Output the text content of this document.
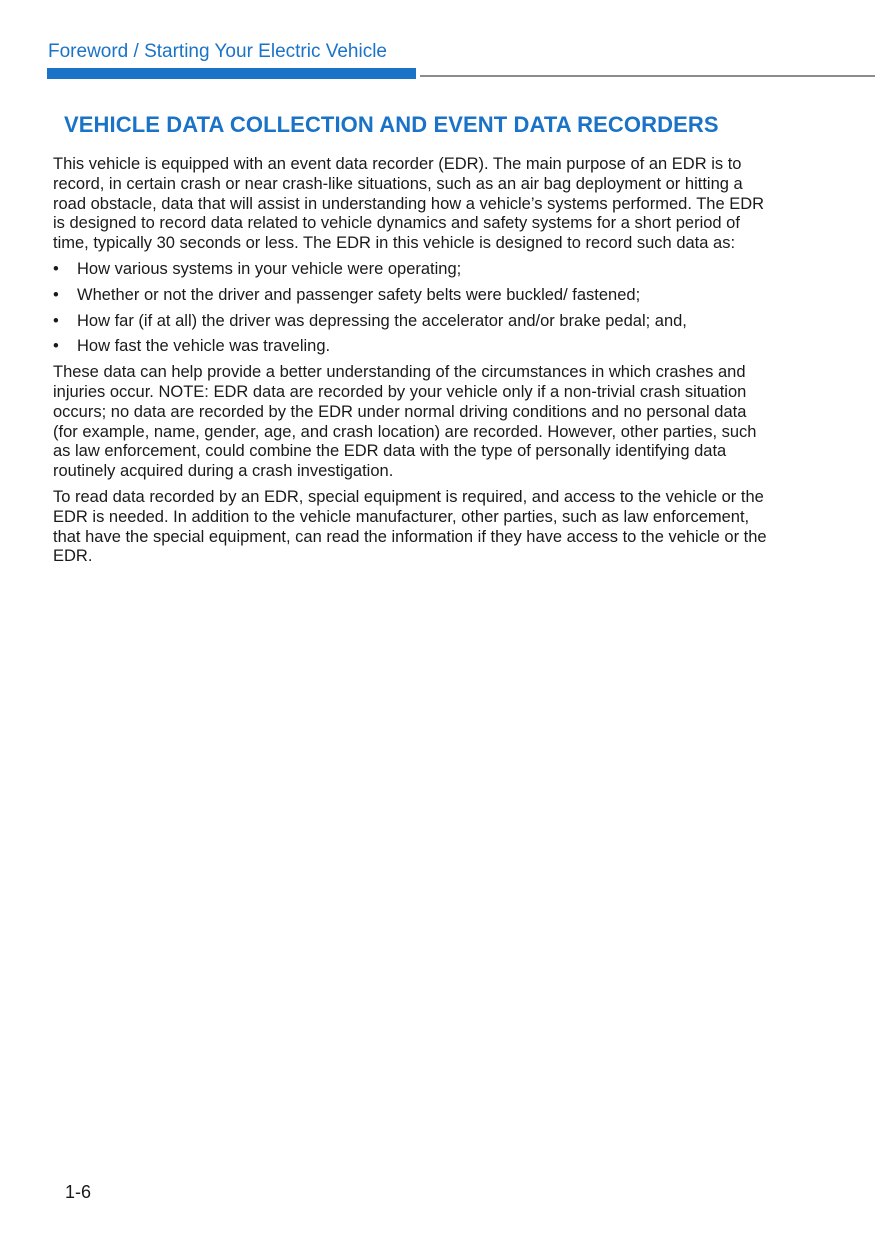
Foreword / Starting Your Electric Vehicle
VEHICLE DATA COLLECTION AND EVENT DATA RECORDERS

This vehicle is equipped with an event data recorder (EDR). The main purpose of an EDR is to record, in certain crash or near crash-like situations, such as an air bag deployment or hitting a road obstacle, data that will assist in understanding how a vehicle’s systems performed. The EDR is designed to record data related to vehicle dynamics and safety systems for a short period of time, typically 30 seconds or less. The EDR in this vehicle is designed to record such data as:

• How various systems in your vehicle were operating;
• Whether or not the driver and passenger safety belts were buckled/ fastened;
• How far (if at all) the driver was depressing the accelerator and/or brake pedal; and,
• How fast the vehicle was traveling.

These data can help provide a better understanding of the circumstances in which crashes and injuries occur. NOTE: EDR data are recorded by your vehicle only if a non-trivial crash situation occurs; no data are recorded by the EDR under normal driving conditions and no personal data (for example, name, gender, age, and crash location) are recorded. However, other parties, such as law enforcement, could combine the EDR data with the type of personally identifying data routinely acquired during a crash investigation.

To read data recorded by an EDR, special equipment is required, and access to the vehicle or the EDR is needed. In addition to the vehicle manufacturer, other parties, such as law enforcement, that have the special equipment, can read the information if they have access to the vehicle or the EDR.

1-6
